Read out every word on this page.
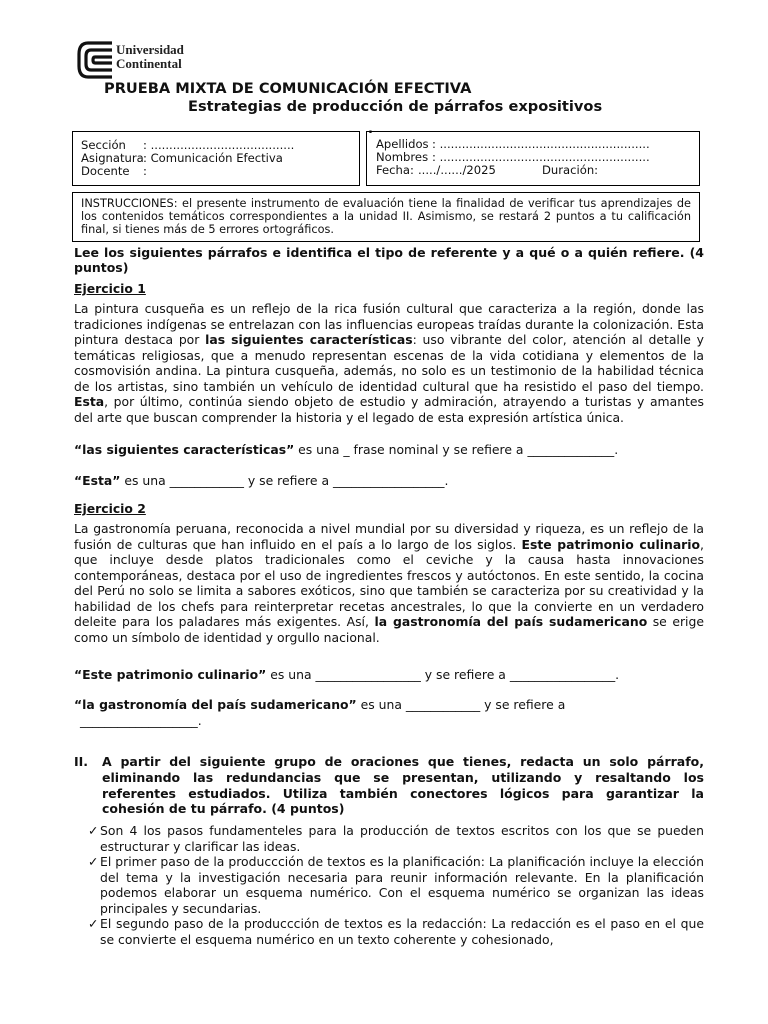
Universidad
Continental
PRUEBA MIXTA DE COMUNICACIÓN EFECTIVA
Estrategias de producción de párrafos expositivos
.
Sección	: .......................................
Asignatura : Comunicación Efectiva
Docente	:
Apellidos : .........................................................
Nombres : .........................................................
Fecha: ...../....../2025	Duración:
INSTRUCCIONES: el presente instrumento de evaluación tiene la finalidad de verificar tus aprendizajes de los contenidos temáticos correspondientes a la unidad II. Asimismo, se restará 2 puntos a tu calificación final, si tienes más de 5 errores ortográficos.
Lee los siguientes párrafos e identifica el tipo de referente y a qué o a quién refiere. (4 puntos)
Ejercicio 1

La pintura cusqueña es un reflejo de la rica fusión cultural que caracteriza a la región, donde las tradiciones indígenas se entrelazan con las influencias europeas traídas durante la colonización. Esta pintura destaca por las siguientes características: uso vibrante del color, atención al detalle y temáticas religiosas, que a menudo representan escenas de la vida cotidiana y elementos de la cosmovisión andina. La pintura cusqueña, además, no solo es un testimonio de la habilidad técnica de los artistas, sino también un vehículo de identidad cultural que ha resistido el paso del tiempo. Esta, por último, continúa siendo objeto de estudio y admiración, atrayendo a turistas y amantes del arte que buscan comprender la historia y el legado de esta expresión artística única.

“las siguientes características” es una _ frase nominal y se refiere a ______________.

“Esta” es una ____________ y se refiere a __________________.

Ejercicio 2

La gastronomía peruana, reconocida a nivel mundial por su diversidad y riqueza, es un reflejo de la fusión de culturas que han influido en el país a lo largo de los siglos. Este patrimonio culinario, que incluye desde platos tradicionales como el ceviche y la causa hasta innovaciones contemporáneas, destaca por el uso de ingredientes frescos y autóctonos. En este sentido, la cocina del Perú no solo se limita a sabores exóticos, sino que también se caracteriza por su creatividad y la habilidad de los chefs para reinterpretar recetas ancestrales, lo que la convierte en un verdadero deleite para los paladares más exigentes. Así, la gastronomía del país sudamericano se erige como un símbolo de identidad y orgullo nacional.

“Este patrimonio culinario” es una _________________ y se refiere a _________________.

“la gastronomía del país sudamericano” es una ____________ y se refiere a

___________________.

II.	A partir del siguiente grupo de oraciones que tienes, redacta un solo párrafo, eliminando las redundancias que se presentan, utilizando y resaltando los referentes estudiados. Utiliza también conectores lógicos para garantizar la cohesión de tu párrafo. (4 puntos)

✓ Son 4 los pasos fundamenteles para la producción de textos escritos con los que se pueden estructurar y clarificar las ideas.

✓ El primer paso de la produccción de textos es la planificación: La planificación incluye la elección del tema y la investigación necesaria para reunir información relevante. En la planificación podemos elaborar un esquema numérico. Con el esquema numérico se organizan las ideas principales y secundarias.

✓ El segundo paso de la produccción de textos es la redacción: La redacción es el paso en el que se convierte el esquema numérico en un texto coherente y cohesionado,
